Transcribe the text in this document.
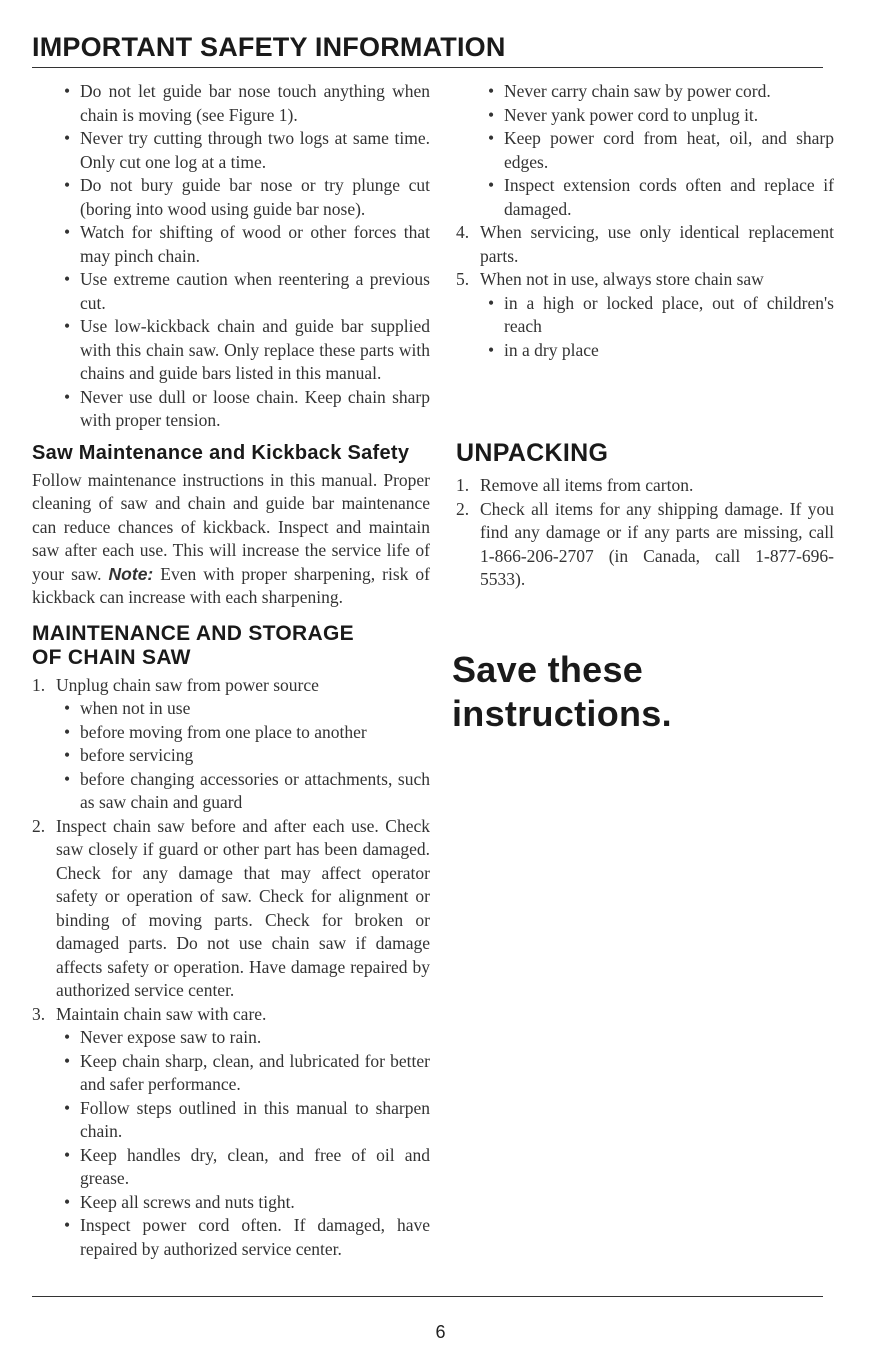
IMPORTANT SAFETY INFORMATION
• Do not let guide bar nose touch anything when chain is moving (see Figure 1).
• Never try cutting through two logs at same time. Only cut one log at a time.
• Do not bury guide bar nose or try plunge cut (boring into wood using guide bar nose).
• Watch for shifting of wood or other forces that may pinch chain.
• Use extreme caution when reentering a previous cut.
• Use low-kickback chain and guide bar supplied with this chain saw. Only replace these parts with chains and guide bars listed in this manual.
• Never use dull or loose chain. Keep chain sharp with proper tension.
Saw Maintenance and Kickback Safety
Follow maintenance instructions in this manual. Proper cleaning of saw and chain and guide bar maintenance can reduce chances of kickback. Inspect and maintain saw after each use. This will increase the service life of your saw. Note: Even with proper sharpening, risk of kickback can increase with each sharpening.
MAINTENANCE AND STORAGE
OF CHAIN SAW
1. Unplug chain saw from power source
• when not in use
• before moving from one place to another
• before servicing
• before changing accessories or attachments, such as saw chain and guard
2. Inspect chain saw before and after each use. Check saw closely if guard or other part has been damaged. Check for any damage that may affect operator safety or operation of saw. Check for alignment or binding of moving parts. Check for broken or damaged parts. Do not use chain saw if damage affects safety or operation. Have damage repaired by authorized service center.
3. Maintain chain saw with care.
• Never expose saw to rain.
• Keep chain sharp, clean, and lubricated for better and safer performance.
• Follow steps outlined in this manual to sharpen chain.
• Keep handles dry, clean, and free of oil and grease.
• Keep all screws and nuts tight.
• Inspect power cord often. If damaged, have repaired by authorized service center.
• Never carry chain saw by power cord.
• Never yank power cord to unplug it.
• Keep power cord from heat, oil, and sharp edges.
• Inspect extension cords often and replace if damaged.
4. When servicing, use only identical replacement parts.
5. When not in use, always store chain saw
• in a high or locked place, out of children's reach
• in a dry place
UNPACKING
1. Remove all items from carton.
2. Check all items for any shipping damage. If you find any damage or if any parts are missing, call 1-866-206-2707 (in Canada, call 1-877-696-5533).
Save these instructions.
6
